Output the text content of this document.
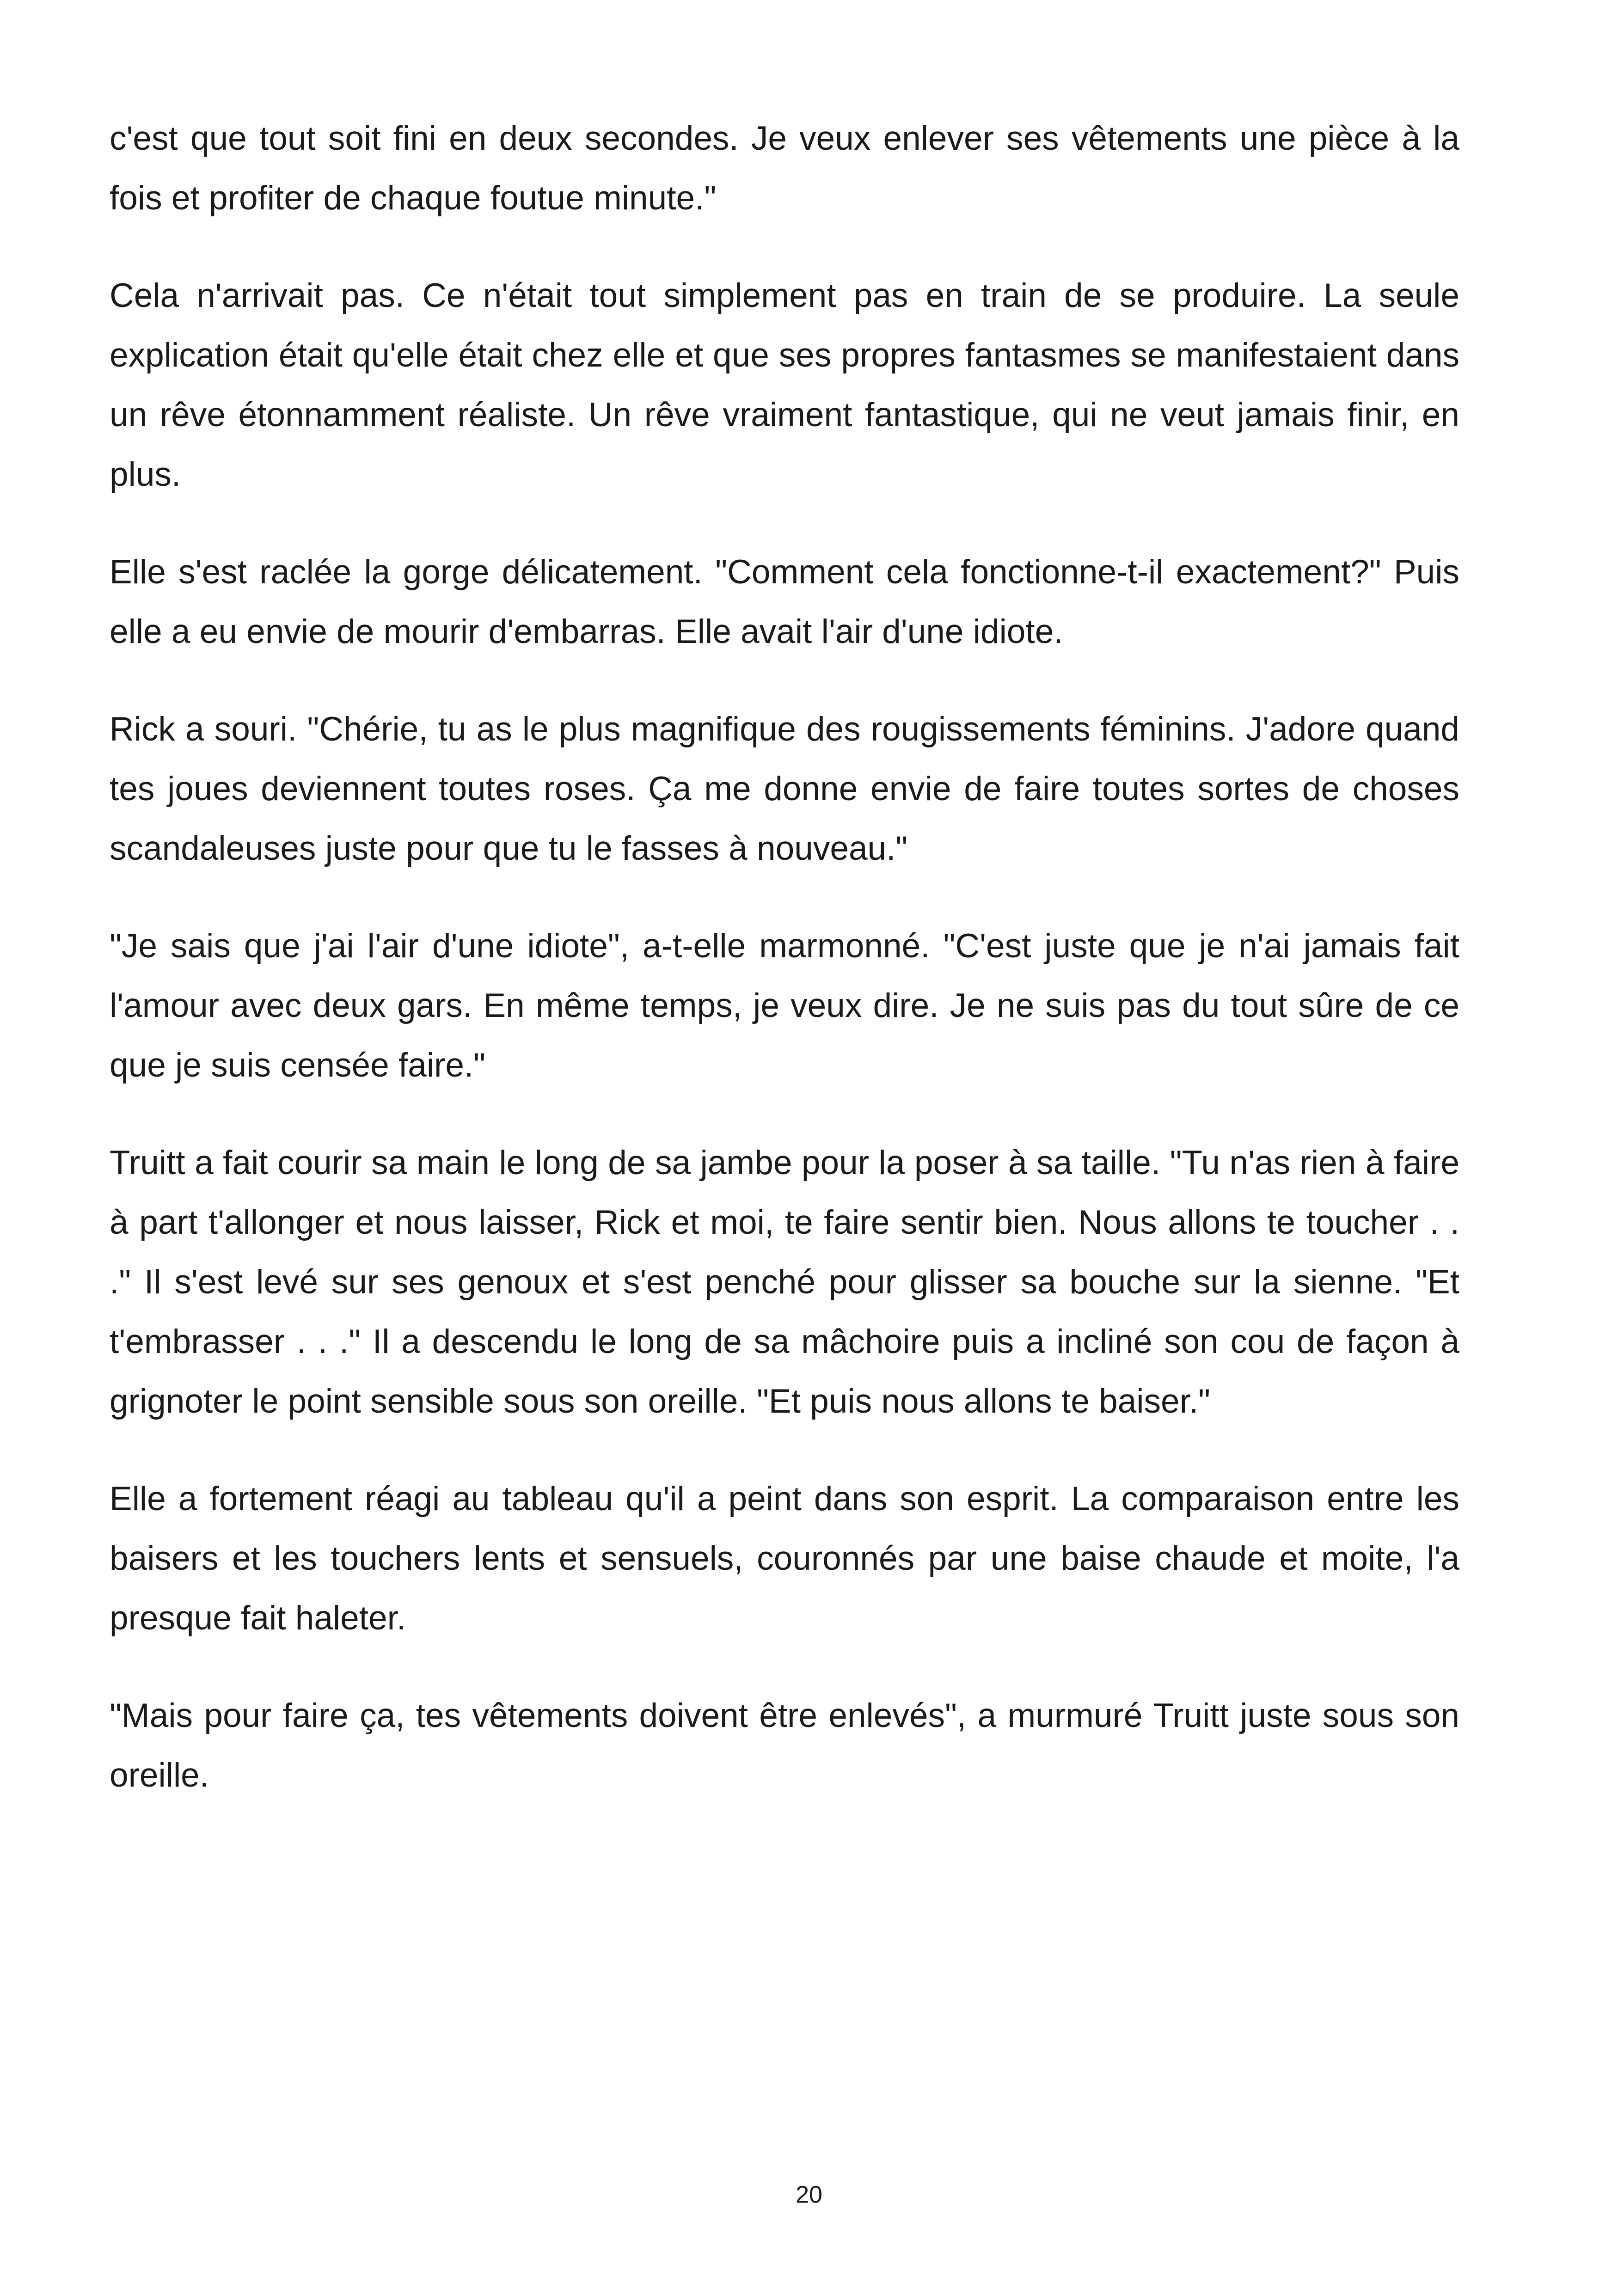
c'est que tout soit fini en deux secondes. Je veux enlever ses vêtements une pièce à la fois et profiter de chaque foutue minute."

Cela n'arrivait pas. Ce n'était tout simplement pas en train de se produire. La seule explication était qu'elle était chez elle et que ses propres fantasmes se manifestaient dans un rêve étonnamment réaliste. Un rêve vraiment fantastique, qui ne veut jamais finir, en plus.

Elle s'est raclée la gorge délicatement. "Comment cela fonctionne-t-il exactement?" Puis elle a eu envie de mourir d'embarras. Elle avait l'air d'une idiote.

Rick a souri. "Chérie, tu as le plus magnifique des rougissements féminins. J'adore quand tes joues deviennent toutes roses. Ça me donne envie de faire toutes sortes de choses scandaleuses juste pour que tu le fasses à nouveau."

"Je sais que j'ai l'air d'une idiote", a-t-elle marmonné. "C'est juste que je n'ai jamais fait l'amour avec deux gars. En même temps, je veux dire. Je ne suis pas du tout sûre de ce que je suis censée faire."

Truitt a fait courir sa main le long de sa jambe pour la poser à sa taille. "Tu n'as rien à faire à part t'allonger et nous laisser, Rick et moi, te faire sentir bien. Nous allons te toucher . . ." Il s'est levé sur ses genoux et s'est penché pour glisser sa bouche sur la sienne. "Et t'embrasser . . ." Il a descendu le long de sa mâchoire puis a incliné son cou de façon à grignoter le point sensible sous son oreille. "Et puis nous allons te baiser."

Elle a fortement réagi au tableau qu'il a peint dans son esprit. La comparaison entre les baisers et les touchers lents et sensuels, couronnés par une baise chaude et moite, l'a presque fait haleter.

"Mais pour faire ça, tes vêtements doivent être enlevés", a murmuré Truitt juste sous son oreille.

20
